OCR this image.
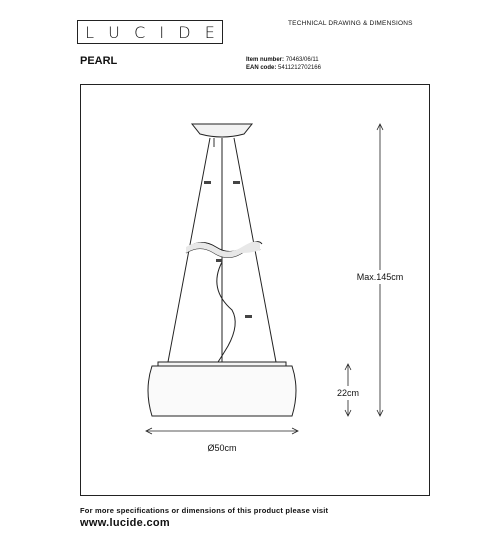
L U C I D E	TECHNICAL DRAWING & DIMENSIONS
PEARL	Item number: 70463/06/11
EAN code: 5411212702166
Max.145cm
22cm
Ø50cm
For more specifications or dimensions of this product please visit
www.lucide.com
